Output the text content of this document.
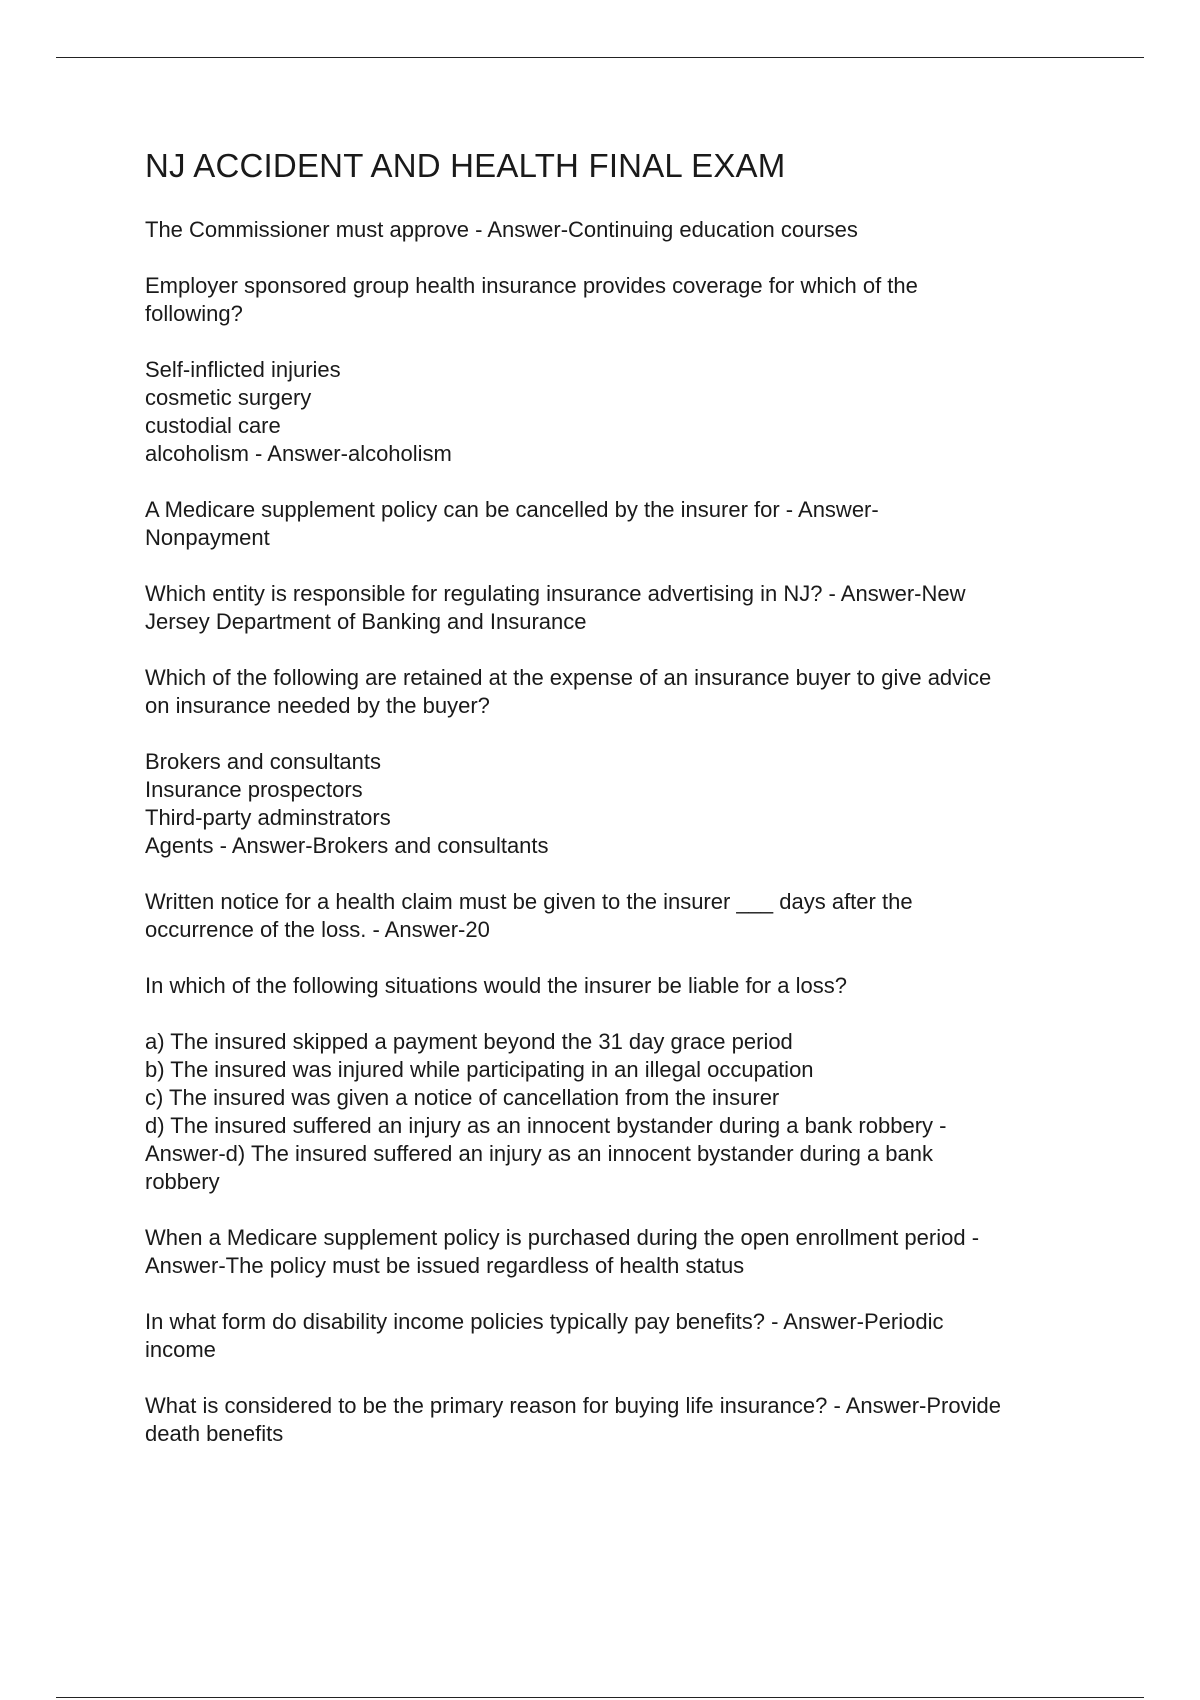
NJ ACCIDENT AND HEALTH FINAL EXAM
The Commissioner must approve - Answer-Continuing education courses
Employer sponsored group health insurance provides coverage for which of the
following?
Self-inflicted injuries
cosmetic surgery
custodial care
alcoholism - Answer-alcoholism
A Medicare supplement policy can be cancelled by the insurer for - Answer-
Nonpayment
Which entity is responsible for regulating insurance advertising in NJ? - Answer-New
Jersey Department of Banking and Insurance
Which of the following are retained at the expense of an insurance buyer to give advice
on insurance needed by the buyer?
Brokers and consultants
Insurance prospectors
Third-party adminstrators
Agents - Answer-Brokers and consultants
Written notice for a health claim must be given to the insurer ___ days after the
occurrence of the loss. - Answer-20
In which of the following situations would the insurer be liable for a loss?
a) The insured skipped a payment beyond the 31 day grace period
b) The insured was injured while participating in an illegal occupation
c) The insured was given a notice of cancellation from the insurer
d) The insured suffered an injury as an innocent bystander during a bank robbery -
Answer-d) The insured suffered an injury as an innocent bystander during a bank
robbery
When a Medicare supplement policy is purchased during the open enrollment period -
Answer-The policy must be issued regardless of health status
In what form do disability income policies typically pay benefits? - Answer-Periodic
income
What is considered to be the primary reason for buying life insurance? - Answer-Provide
death benefits
